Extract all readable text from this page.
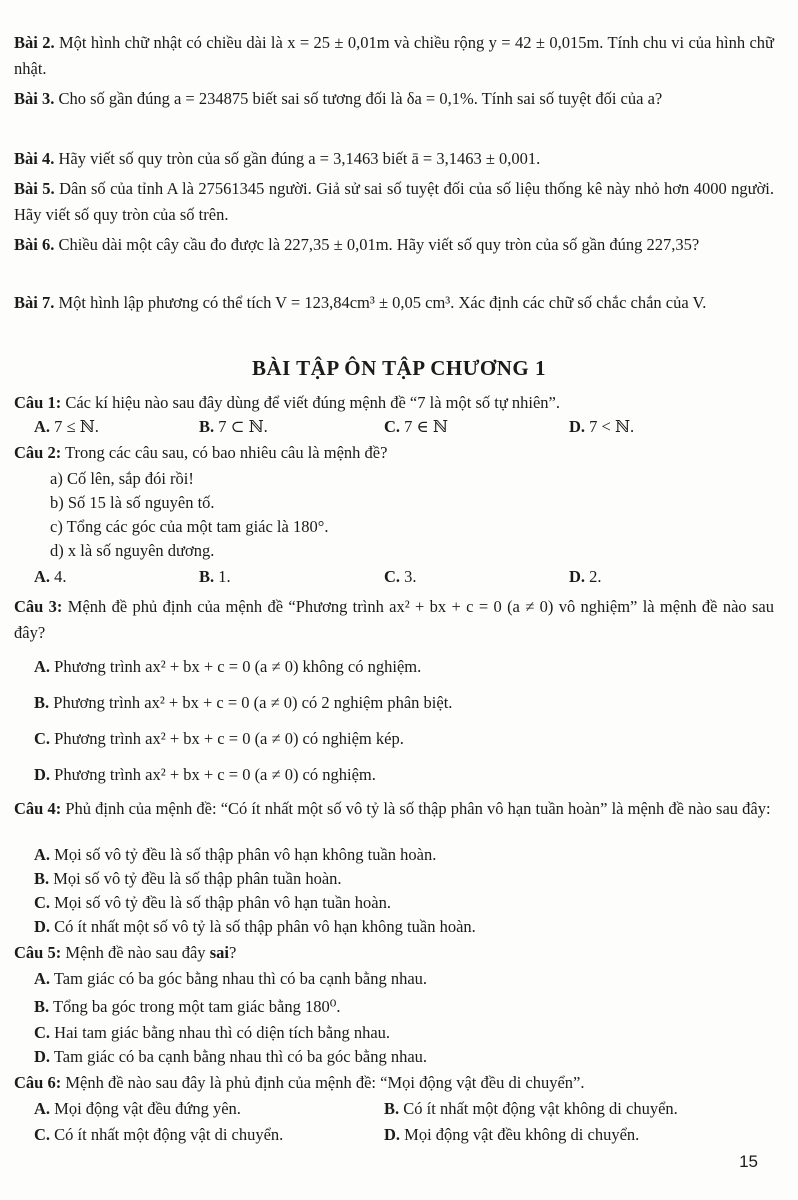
Bài 2. Một hình chữ nhật có chiều dài là x = 25 ± 0,01m và chiều rộng y = 42 ± 0,015m. Tính chu vi của hình chữ nhật.
Bài 3. Cho số gần đúng a = 234875 biết sai số tương đối là δa = 0,1%. Tính sai số tuyệt đối của a?
Bài 4. Hãy viết số quy tròn của số gần đúng a = 3,1463 biết ā = 3,1463 ± 0,001.
Bài 5. Dân số của tỉnh A là 27561345 người. Giả sử sai số tuyệt đối của số liệu thống kê này nhỏ hơn 4000 người. Hãy viết số quy tròn của số trên.
Bài 6. Chiều dài một cây cầu đo được là 227,35 ± 0,01m. Hãy viết số quy tròn của số gần đúng 227,35?
Bài 7. Một hình lập phương có thể tích V = 123,84cm³ ± 0,05 cm³. Xác định các chữ số chắc chắn của V.
BÀI TẬP ÔN TẬP CHƯƠNG 1
Câu 1: Các kí hiệu nào sau đây dùng để viết đúng mệnh đề “7 là một số tự nhiên”.
A. 7 ≤ ℕ.	B. 7 ⊂ ℕ.	C. 7 ∈ ℕ	D. 7 < ℕ.
Câu 2: Trong các câu sau, có bao nhiêu câu là mệnh đề?
a) Cố lên, sắp đói rồi!
b) Số 15 là số nguyên tố.
c) Tổng các góc của một tam giác là 180°.
d) x là số nguyên dương.
A. 4.	B. 1.	C. 3.	D. 2.
Câu 3: Mệnh đề phủ định của mệnh đề “Phương trình ax² + bx + c = 0 (a ≠ 0) vô nghiệm” là mệnh đề nào sau đây?
A. Phương trình ax² + bx + c = 0 (a ≠ 0) không có nghiệm.
B. Phương trình ax² + bx + c = 0 (a ≠ 0) có 2 nghiệm phân biệt.
C. Phương trình ax² + bx + c = 0 (a ≠ 0) có nghiệm kép.
D. Phương trình ax² + bx + c = 0 (a ≠ 0) có nghiệm.
Câu 4: Phủ định của mệnh đề: “Có ít nhất một số vô tỷ là số thập phân vô hạn tuần hoàn” là mệnh đề nào sau đây:
A. Mọi số vô tỷ đều là số thập phân vô hạn không tuần hoàn.
B. Mọi số vô tỷ đều là số thập phân tuần hoàn.
C. Mọi số vô tỷ đều là số thập phân vô hạn tuần hoàn.
D. Có ít nhất một số vô tỷ là số thập phân vô hạn không tuần hoàn.
Câu 5: Mệnh đề nào sau đây sai?
A. Tam giác có ba góc bằng nhau thì có ba cạnh bằng nhau.
B. Tổng ba góc trong một tam giác bằng 180⁰.
C. Hai tam giác bằng nhau thì có diện tích bằng nhau.
D. Tam giác có ba cạnh bằng nhau thì có ba góc bằng nhau.
Câu 6: Mệnh đề nào sau đây là phủ định của mệnh đề: “Mọi động vật đều di chuyển”.
A. Mọi động vật đều đứng yên.	B. Có ít nhất một động vật không di chuyển.
C. Có ít nhất một động vật di chuyển.	D. Mọi động vật đều không di chuyển.
15
